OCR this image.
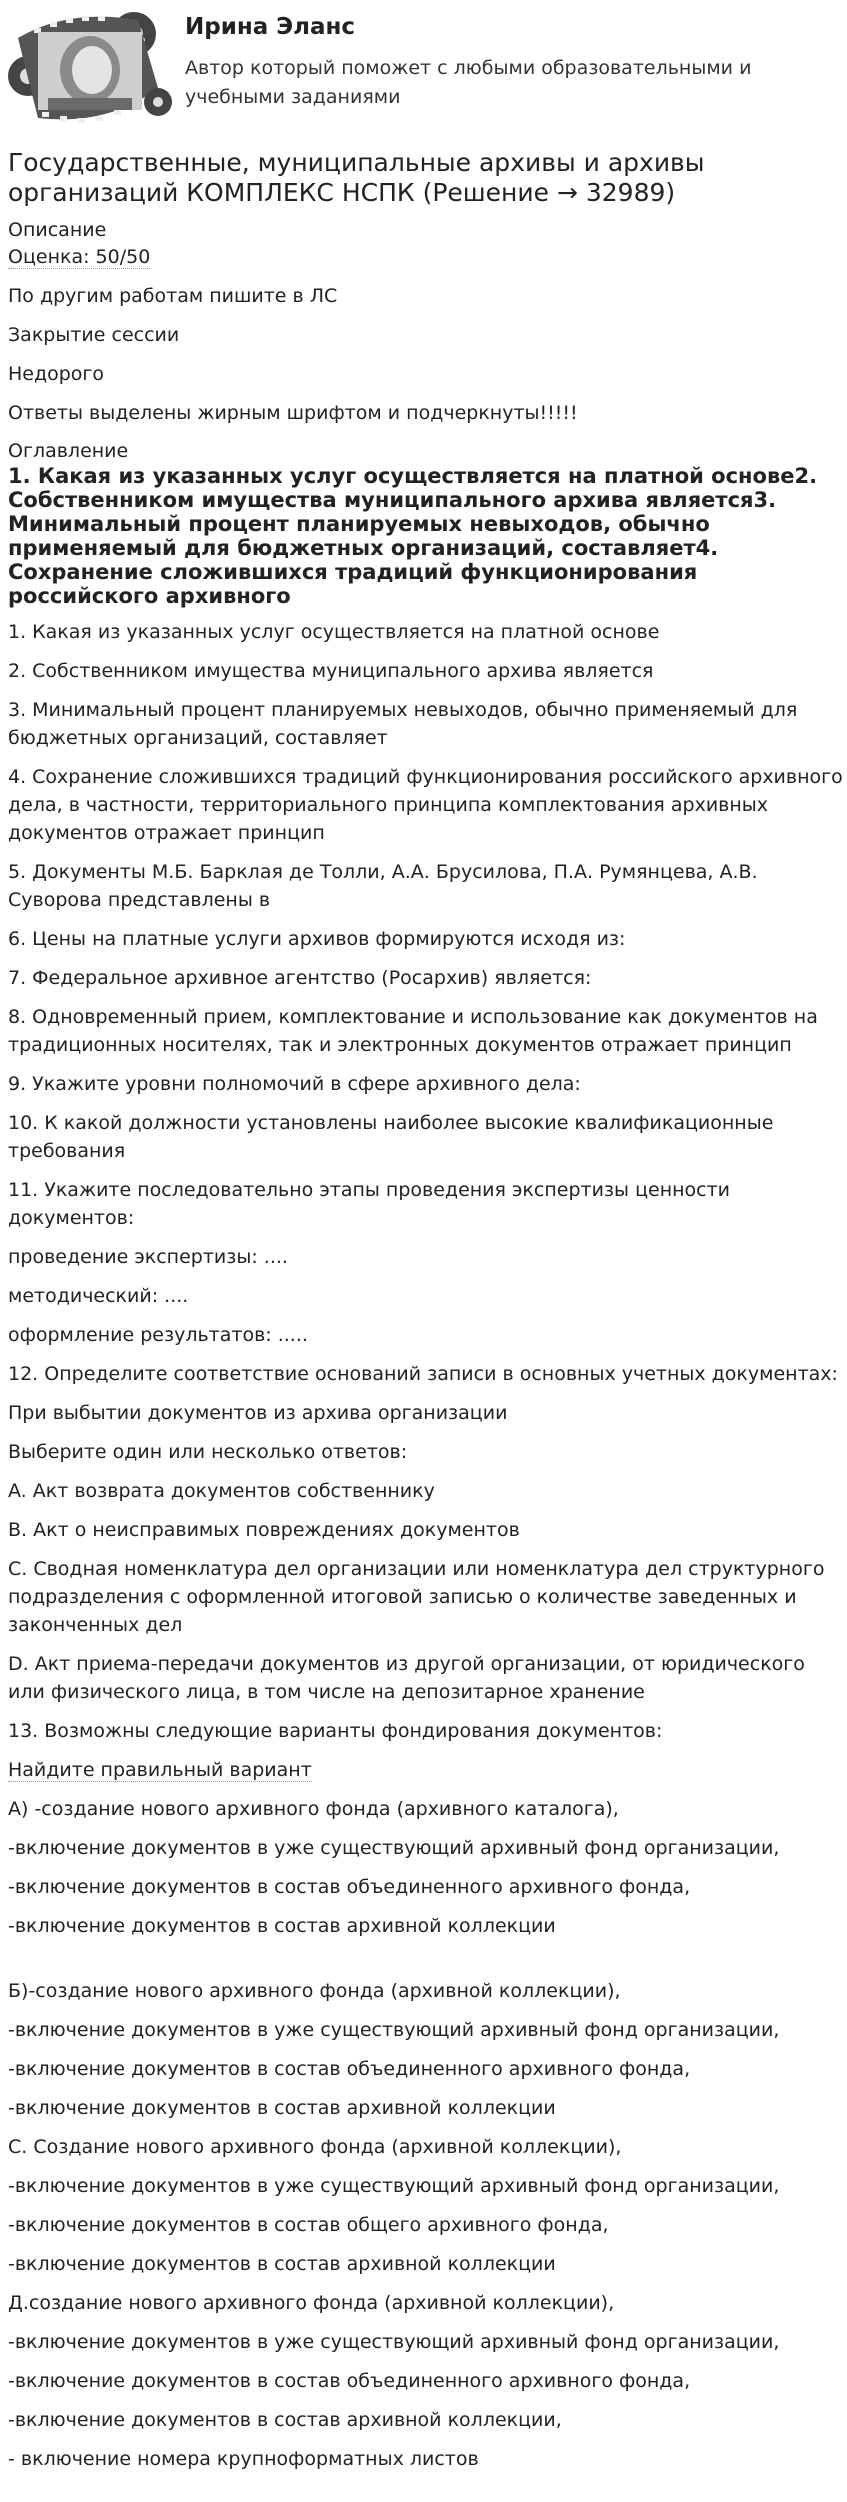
Ирина Эланс
Автор который поможет с любыми образовательными и учебными заданиями
Государственные, муниципальные архивы и архивы организаций КОМПЛЕКС НСПК (Решение → 32989)
Описание
Оценка: 50/50
По другим работам пишите в ЛС
Закрытие сессии
Недорого
Ответы выделены жирным шрифтом и подчеркнуты!!!!!
Оглавление
1. Какая из указанных услуг осуществляется на платной основе2. Собственником имущества муниципального архива является3. Минимальный процент планируемых невыходов, обычно применяемый для бюджетных организаций, составляет4. Сохранение сложившихся традиций функционирования российского архивного
1. Какая из указанных услуг осуществляется на платной основе
2. Собственником имущества муниципального архива является
3. Минимальный процент планируемых невыходов, обычно применяемый для бюджетных организаций, составляет
4. Сохранение сложившихся традиций функционирования российского архивного дела, в частности, территориального принципа комплектования архивных документов отражает принцип
5. Документы М.Б. Барклая де Толли, А.А. Брусилова, П.А. Румянцева, А.В. Суворова представлены в
6. Цены на платные услуги архивов формируются исходя из:
7. Федеральное архивное агентство (Росархив) является:
8. Одновременный прием, комплектование и использование как документов на традиционных носителях, так и электронных документов отражает принцип
9. Укажите уровни полномочий в сфере архивного дела:
10. К какой должности установлены наиболее высокие квалификационные требования
11. Укажите последовательно этапы проведения экспертизы ценности документов:
проведение экспертизы: ....
методический: ....
оформление результатов: .....
12. Определите соответствие оснований записи в основных учетных документах:
При выбытии документов из архива организации
Выберите один или несколько ответов:
A. Акт возврата документов собственнику
B. Акт о неисправимых повреждениях документов
C. Сводная номенклатура дел организации или номенклатура дел структурного подразделения с оформленной итоговой записью о количестве заведенных и законченных дел
D. Акт приема-передачи документов из другой организации, от юридического или физического лица, в том числе на депозитарное хранение
13. Возможны следующие варианты фондирования документов:
Найдите правильный вариант
А) -создание нового архивного фонда (архивного каталога),
-включение документов в уже существующий архивный фонд организации,
-включение документов в состав объединенного архивного фонда,
-включение документов в состав архивной коллекции
Б)-создание нового архивного фонда (архивной коллекции),
-включение документов в уже существующий архивный фонд организации,
-включение документов в состав объединенного архивного фонда,
-включение документов в состав архивной коллекции
С. Создание нового архивного фонда (архивной коллекции),
-включение документов в уже существующий архивный фонд организации,
-включение документов в состав общего архивного фонда,
-включение документов в состав архивной коллекции
Д.создание нового архивного фонда (архивной коллекции),
-включение документов в уже существующий архивный фонд организации,
-включение документов в состав объединенного архивного фонда,
-включение документов в состав архивной коллекции,
- включение номера крупноформатных листов
